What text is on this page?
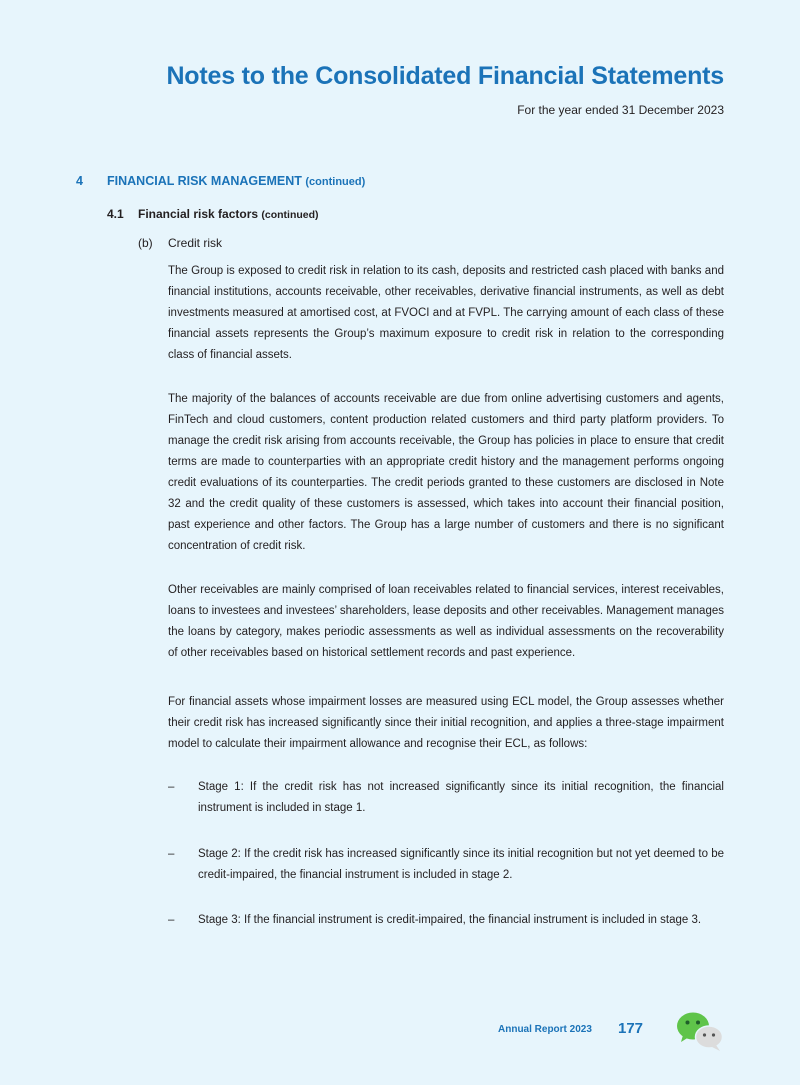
Notes to the Consolidated Financial Statements
For the year ended 31 December 2023
4 FINANCIAL RISK MANAGEMENT (continued)
4.1 Financial risk factors (continued)
(b) Credit risk
The Group is exposed to credit risk in relation to its cash, deposits and restricted cash placed with banks and financial institutions, accounts receivable, other receivables, derivative financial instruments, as well as debt investments measured at amortised cost, at FVOCI and at FVPL. The carrying amount of each class of these financial assets represents the Group’s maximum exposure to credit risk in relation to the corresponding class of financial assets.
The majority of the balances of accounts receivable are due from online advertising customers and agents, FinTech and cloud customers, content production related customers and third party platform providers. To manage the credit risk arising from accounts receivable, the Group has policies in place to ensure that credit terms are made to counterparties with an appropriate credit history and the management performs ongoing credit evaluations of its counterparties. The credit periods granted to these customers are disclosed in Note 32 and the credit quality of these customers is assessed, which takes into account their financial position, past experience and other factors. The Group has a large number of customers and there is no significant concentration of credit risk.
Other receivables are mainly comprised of loan receivables related to financial services, interest receivables, loans to investees and investees’ shareholders, lease deposits and other receivables. Management manages the loans by category, makes periodic assessments as well as individual assessments on the recoverability of other receivables based on historical settlement records and past experience.
For financial assets whose impairment losses are measured using ECL model, the Group assesses whether their credit risk has increased significantly since their initial recognition, and applies a three-stage impairment model to calculate their impairment allowance and recognise their ECL, as follows:
– Stage 1: If the credit risk has not increased significantly since its initial recognition, the financial instrument is included in stage 1.
– Stage 2: If the credit risk has increased significantly since its initial recognition but not yet deemed to be credit-impaired, the financial instrument is included in stage 2.
– Stage 3: If the financial instrument is credit-impaired, the financial instrument is included in stage 3.
Annual Report 2023 177
